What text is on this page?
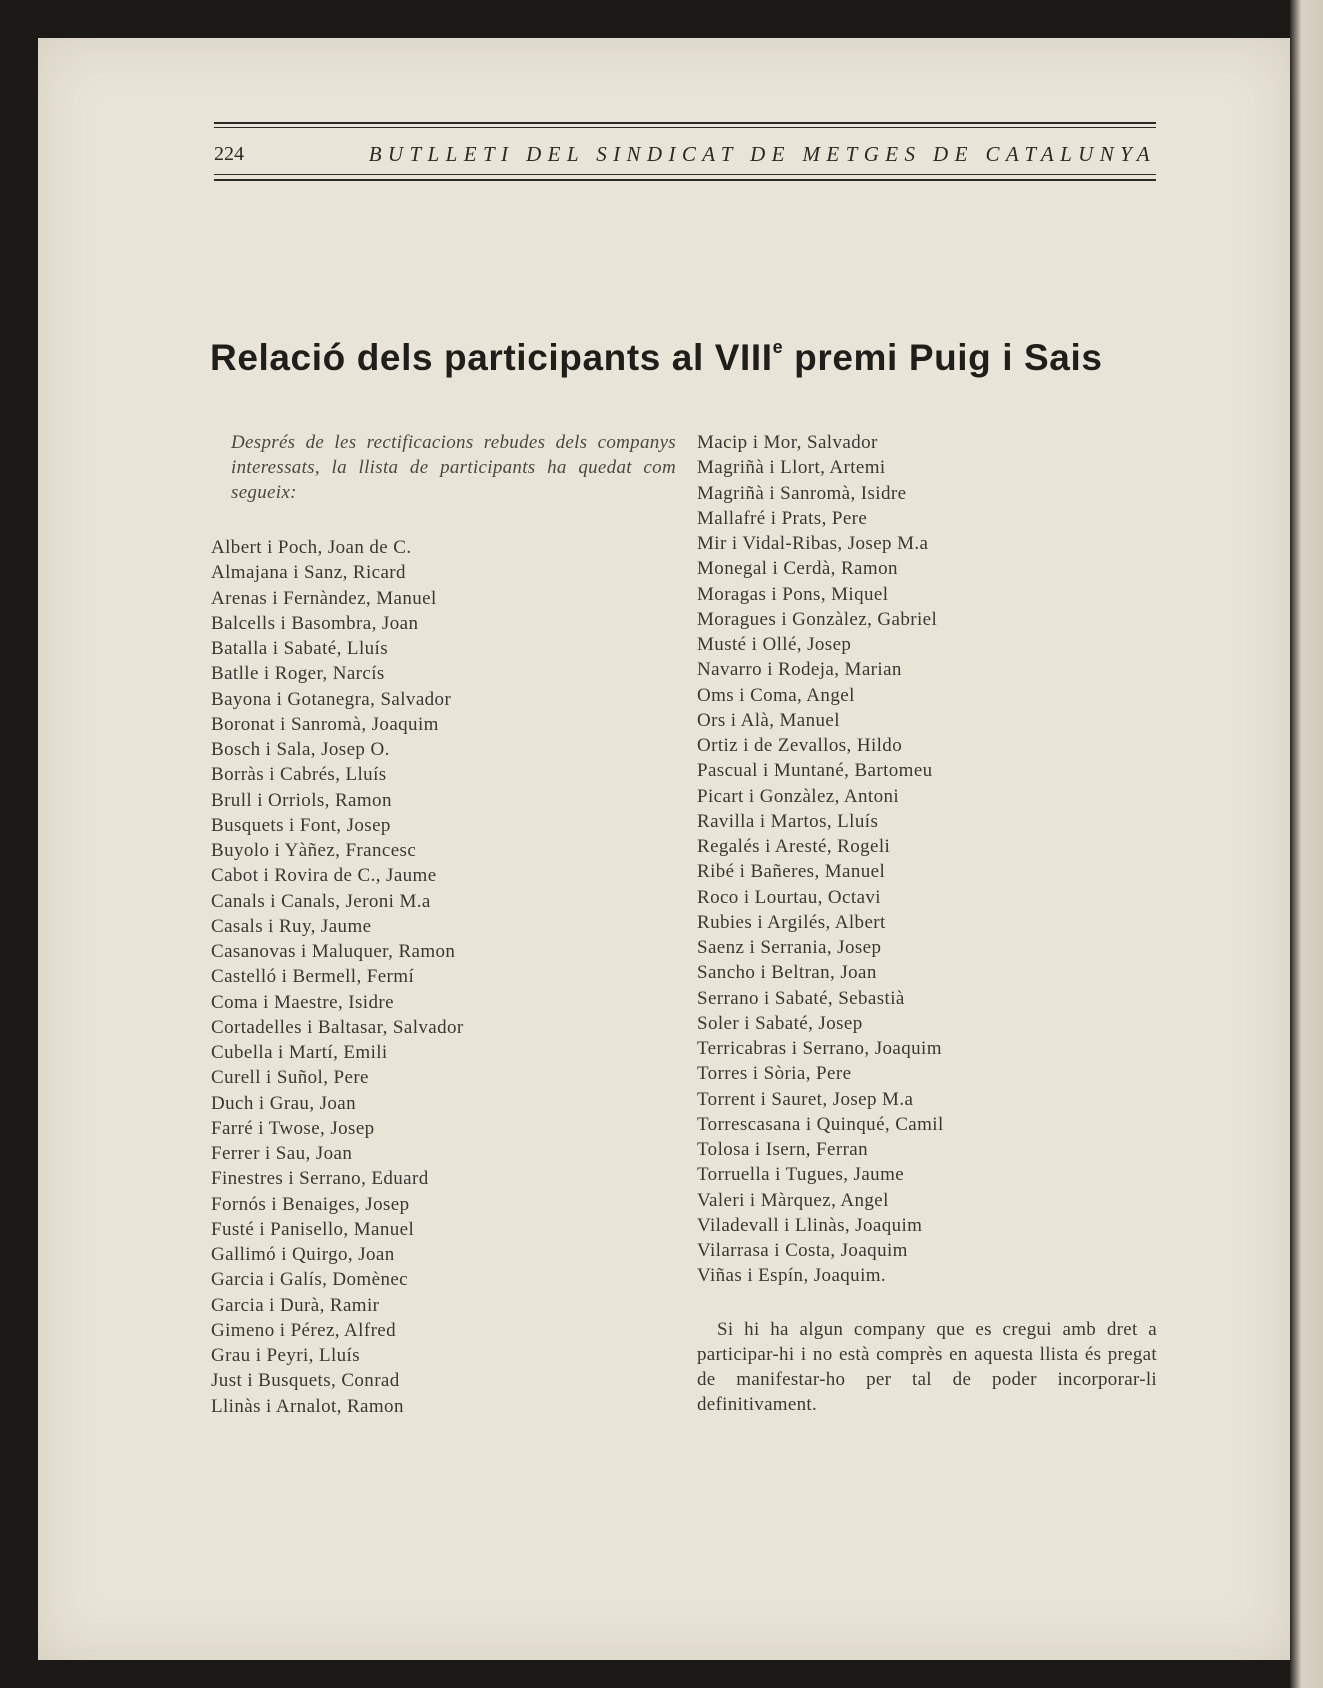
224	BUTLLETI DEL SINDICAT DE METGES DE CATALUNYA
Relació dels participants al VIIIe premi Puig i Sais

Després de les rectificacions rebudes dels companys interessats, la llista de participants ha quedat com segueix:

Albert i Poch, Joan de C.
Almajana i Sanz, Ricard
Arenas i Fernàndez, Manuel
Balcells i Basombra, Joan
Batalla i Sabaté, Lluís
Batlle i Roger, Narcís
Bayona i Gotanegra, Salvador
Boronat i Sanromà, Joaquim
Bosch i Sala, Josep O.
Borràs i Cabrés, Lluís
Brull i Orriols, Ramon
Busquets i Font, Josep
Buyolo i Yàñez, Francesc
Cabot i Rovira de C., Jaume
Canals i Canals, Jeroni M.a
Casals i Ruy, Jaume
Casanovas i Maluquer, Ramon
Castelló i Bermell, Fermí
Coma i Maestre, Isidre
Cortadelles i Baltasar, Salvador
Cubella i Martí, Emili
Curell i Suñol, Pere
Duch i Grau, Joan
Farré i Twose, Josep
Ferrer i Sau, Joan
Finestres i Serrano, Eduard
Fornós i Benaiges, Josep
Fusté i Panisello, Manuel
Gallimó i Quirgo, Joan
Garcia i Galís, Domènec
Garcia i Durà, Ramir
Gimeno i Pérez, Alfred
Grau i Peyri, Lluís
Just i Busquets, Conrad
Llinàs i Arnalot, Ramon
Macip i Mor, Salvador
Magriñà i Llort, Artemi
Magriñà i Sanromà, Isidre
Mallafré i Prats, Pere
Mir i Vidal-Ribas, Josep M.a
Monegal i Cerdà, Ramon
Moragas i Pons, Miquel
Moragues i Gonzàlez, Gabriel
Musté i Ollé, Josep
Navarro i Rodeja, Marian
Oms i Coma, Angel
Ors i Alà, Manuel
Ortiz i de Zevallos, Hildo
Pascual i Muntané, Bartomeu
Picart i Gonzàlez, Antoni
Ravilla i Martos, Lluís
Regalés i Aresté, Rogeli
Ribé i Bañeres, Manuel
Roco i Lourtau, Octavi
Rubies i Argilés, Albert
Saenz i Serrania, Josep
Sancho i Beltran, Joan
Serrano i Sabaté, Sebastià
Soler i Sabaté, Josep
Terricabras i Serrano, Joaquim
Torres i Sòria, Pere
Torrent i Sauret, Josep M.a
Torrescasana i Quinqué, Camil
Tolosa i Isern, Ferran
Torruella i Tugues, Jaume
Valeri i Màrquez, Angel
Viladevall i Llinàs, Joaquim
Vilarrasa i Costa, Joaquim
Viñas i Espín, Joaquim.

Si hi ha algun company que es cregui amb dret a participar-hi i no està comprès en aquesta llista és pregat de manifestar-ho per tal de poder incorporar-li definitivament.
